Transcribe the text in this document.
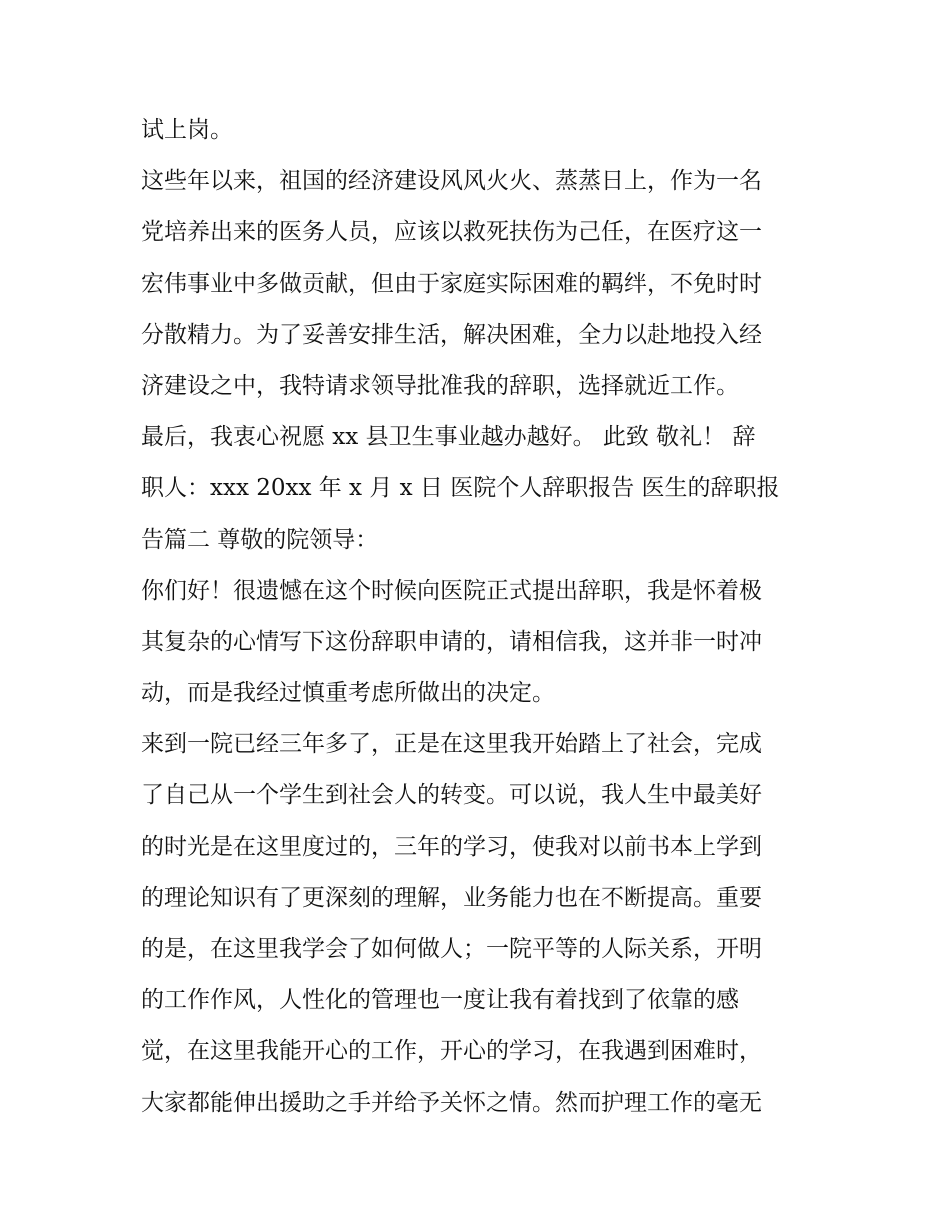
试上岗。
这些年以来，祖国的经济建设风风火火、蒸蒸日上，作为一名
党培养出来的医务人员，应该以救死扶伤为己任，在医疗这一
宏伟事业中多做贡献，但由于家庭实际困难的羁绊，不免时时
分散精力。为了妥善安排生活，解决困难，全力以赴地投入经
济建设之中，我特请求领导批准我的辞职，选择就近工作。
最后，我衷心祝愿 xx 县卫生事业越办越好。 此致 敬礼！ 辞
职人：xxx 20xx 年 x 月 x 日 医院个人辞职报告 医生的辞职报
告篇二 尊敬的院领导：
你们好！很遗憾在这个时候向医院正式提出辞职，我是怀着极
其复杂的心情写下这份辞职申请的，请相信我，这并非一时冲
动，而是我经过慎重考虑所做出的决定。
来到一院已经三年多了，正是在这里我开始踏上了社会，完成
了自己从一个学生到社会人的转变。可以说，我人生中最美好
的时光是在这里度过的，三年的学习，使我对以前书本上学到
的理论知识有了更深刻的理解，业务能力也在不断提高。重要
的是，在这里我学会了如何做人；一院平等的人际关系，开明
的工作作风，人性化的管理也一度让我有着找到了依靠的感
觉，在这里我能开心的工作，开心的学习，在我遇到困难时，
大家都能伸出援助之手并给予关怀之情。然而护理工作的毫无
